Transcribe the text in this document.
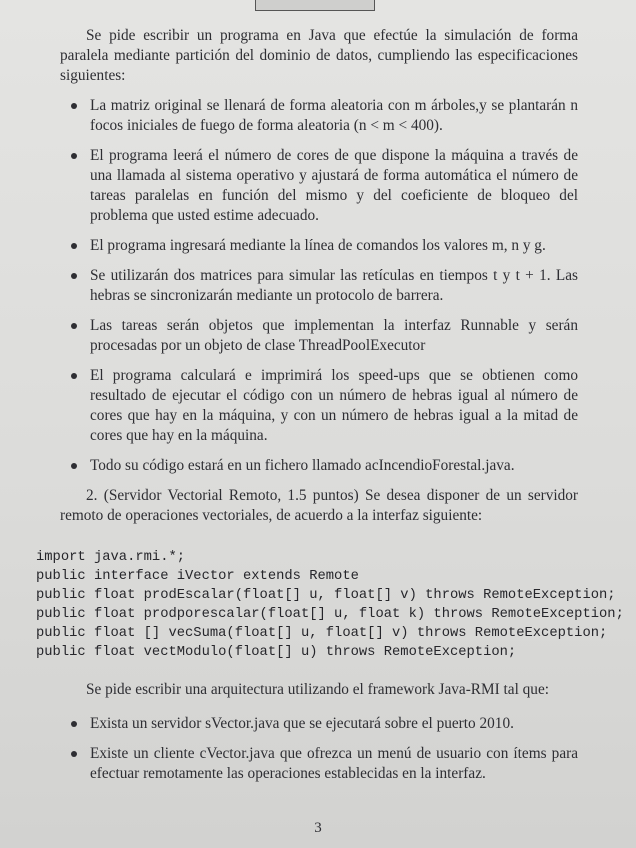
Se pide escribir un programa en Java que efectúe la simulación de forma paralela mediante partición del dominio de datos, cumpliendo las especificaciones siguientes:

La matriz original se llenará de forma aleatoria con m árboles,y se plantarán n focos iniciales de fuego de forma aleatoria (n < m < 400).
El programa leerá el número de cores de que dispone la máquina a través de una llamada al sistema operativo y ajustará de forma automática el número de tareas paralelas en función del mismo y del coeficiente de bloqueo del problema que usted estime adecuado.
El programa ingresará mediante la línea de comandos los valores m, n y g.
Se utilizarán dos matrices para simular las retículas en tiempos t y t + 1. Las hebras se sincronizarán mediante un protocolo de barrera.
Las tareas serán objetos que implementan la interfaz Runnable y serán procesadas por un objeto de clase ThreadPoolExecutor
El programa calculará e imprimirá los speed-ups que se obtienen como resultado de ejecutar el código con un número de hebras igual al número de cores que hay en la máquina, y con un número de hebras igual a la mitad de cores que hay en la máquina.
Todo su código estará en un fichero llamado acIncendioForestal.java.

2. (Servidor Vectorial Remoto, 1.5 puntos) Se desea disponer de un servidor remoto de operaciones vectoriales, de acuerdo a la interfaz siguiente:

import java.rmi.*;
public interface iVector extends Remote
public float prodEscalar(float[] u, float[] v) throws RemoteException;
public float prodporescalar(float[] u, float k) throws RemoteException;
public float [] vecSuma(float[] u, float[] v) throws RemoteException;
public float vectModulo(float[] u) throws RemoteException;

Se pide escribir una arquitectura utilizando el framework Java-RMI tal que:

Exista un servidor sVector.java que se ejecutará sobre el puerto 2010.
Existe un cliente cVector.java que ofrezca un menú de usuario con ítems para efectuar remotamente las operaciones establecidas en la interfaz.
3
